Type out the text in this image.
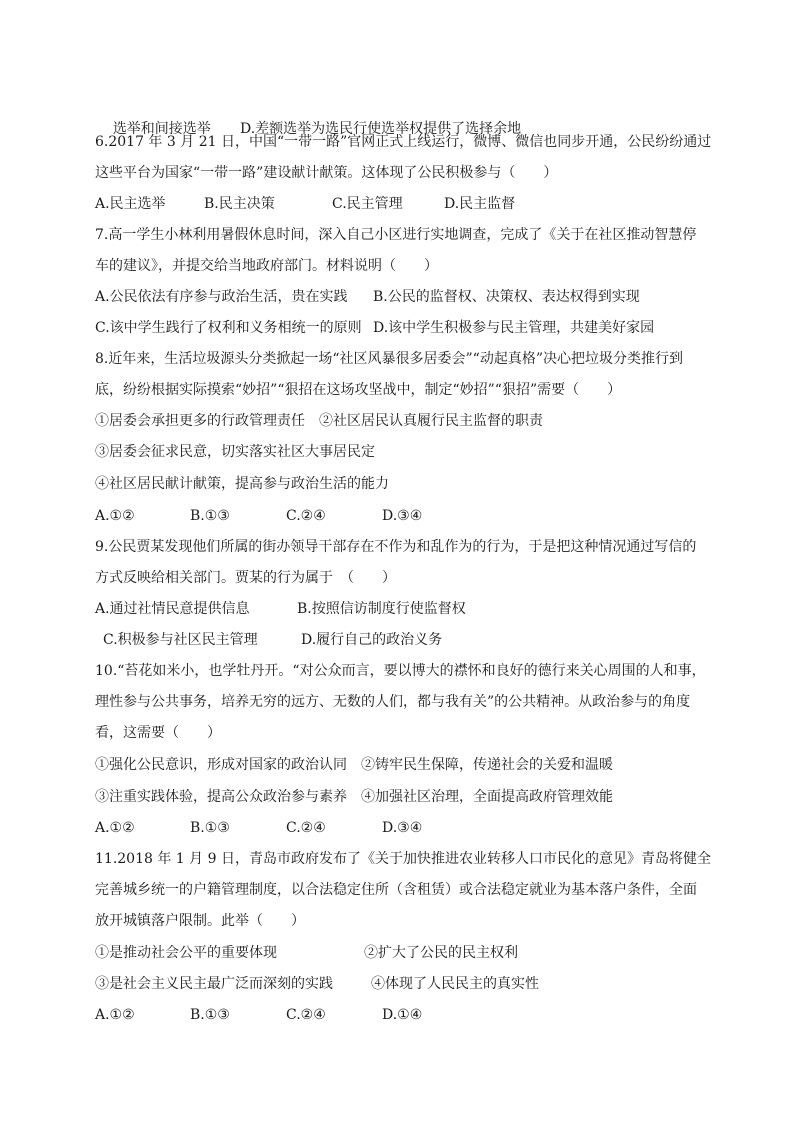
选举和间接选举 D.差额选举为选民行使选举权提供了选择余地

6.2017 年 3 月 21 日，中国“一带一路”官网正式上线运行，微博、微信也同步开通，公民纷纷通过
这些平台为国家“一带一路”建设献计献策。这体现了公民积极参与（　　）

A.民主选举

	B.民主决策

	C.民主管理

	D.民主监督

7.高一学生小林利用暑假休息时间，深入自己小区进行实地调查，完成了《关于在社区推动智慧停
车的建议》，并提交给当地政府部门。材料说明（　　）

A.公民依法有序参与政治生活，贵在实践

B.公民的监督权、决策权、表达权得到实现

C.该中学生践行了权利和义务相统一的原则

D.该中学生积极参与民主管理，共建美好家园

8.近年来，生活垃圾源头分类掀起一场“社区风暴很多居委会”“动起真格”决心把垃圾分类推行到
底，纷纷根据实际摸索“妙招”“狠招在这场攻坚战中，制定“妙招”“狠招”需要（　　）
①居委会承担更多的行政管理责任　②社区居民认真履行民主监督的职责
③居委会征求民意，切实落实社区大事居民定
④社区居民献计献策，提高参与政治生活的能力

A.①②

	B.①③

	C.②④

	D.③④

9.公民贾某发现他们所属的街办领导干部存在不作为和乱作为的行为，于是把这种情况通过写信的
方式反映给相关部门。贾某的行为属于　（　　）

A.通过社情民意提供信息

	B.按照信访制度行使监督权

C.积极参与社区民主管理

	D.履行自己的政治义务

10.“苔花如米小，也学牡丹开。“对公众而言，要以博大的襟怀和良好的德行来关心周围的人和事，
理性参与公共事务，培养无穷的远方、无数的人们，都与我有关”的公共精神。从政治参与的角度
看，这需要（　　）
①强化公民意识，形成对国家的政治认同　②铸牢民生保障，传递社会的关爱和温暖
③注重实践体验，提高公众政治参与素养　④加强社区治理，全面提高政府管理效能

A.①②

	B.①③

	C.②④

	D.③④

11.2018 年 1 月 9 日，青岛市政府发布了《关于加快推进农业转移人口市民化的意见》青岛将健全
完善城乡统一的户籍管理制度，以合法稳定住所（含租赁）或合法稳定就业为基本落户条件，全面
放开城镇落户限制。此举（　　）

①是推动社会公平的重要体现

	②扩大了公民的民主权利

③是社会主义民主最广泛而深刻的实践

	④体现了人民民主的真实性

A.①②

	B.①③

	C.②④

	D.①④
